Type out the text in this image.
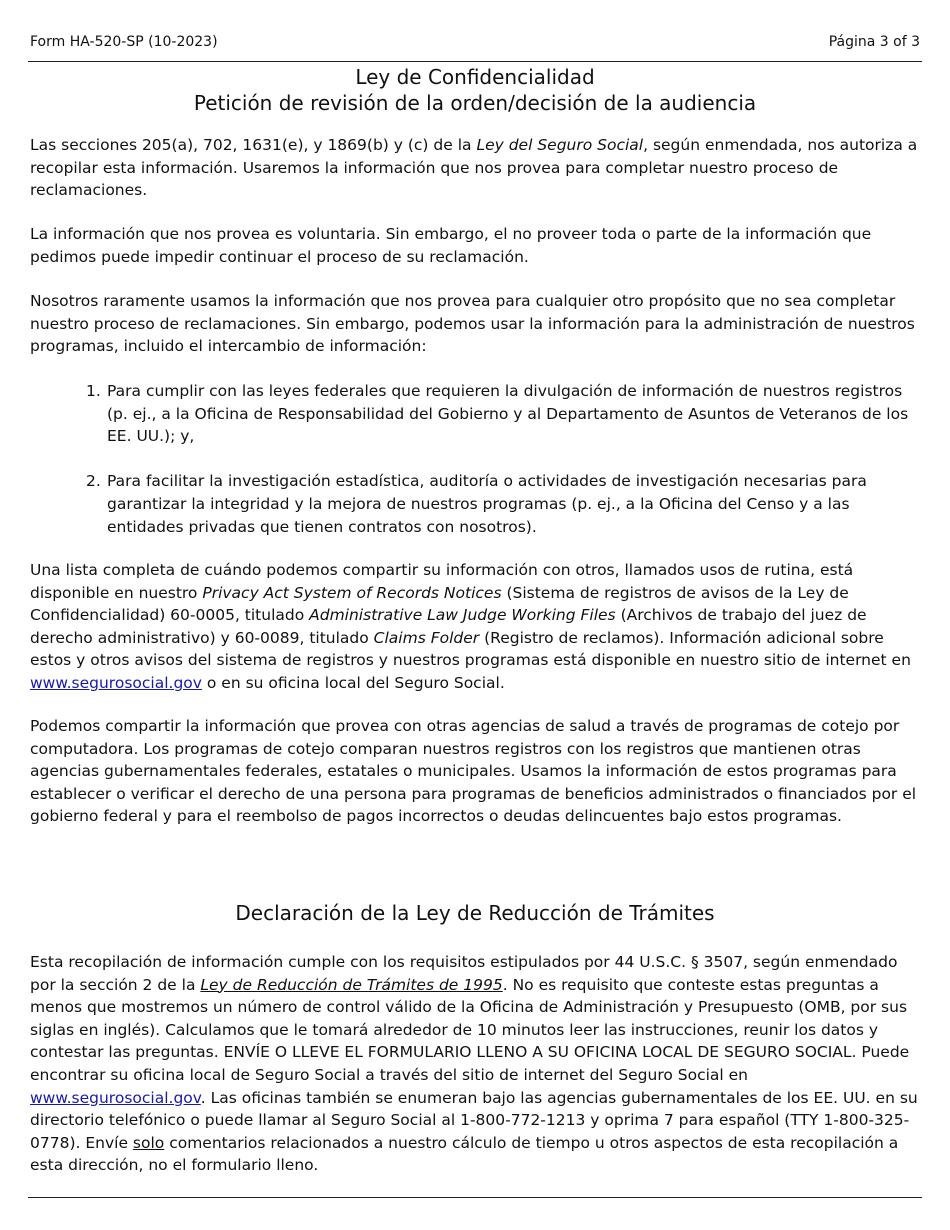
Form HA-520-SP (10-2023)	Página 3 of 3
Ley de Confidencialidad
Petición de revisión de la orden/decisión de la audiencia
Las secciones 205(a), 702, 1631(e), y 1869(b) y (c) de la Ley del Seguro Social, según enmendada, nos autoriza a recopilar esta información. Usaremos la información que nos provea para completar nuestro proceso de reclamaciones.
La información que nos provea es voluntaria. Sin embargo, el no proveer toda o parte de la información que pedimos puede impedir continuar el proceso de su reclamación.
Nosotros raramente usamos la información que nos provea para cualquier otro propósito que no sea completar nuestro proceso de reclamaciones. Sin embargo, podemos usar la información para la administración de nuestros programas, incluido el intercambio de información:
1. Para cumplir con las leyes federales que requieren la divulgación de información de nuestros registros (p. ej., a la Oficina de Responsabilidad del Gobierno y al Departamento de Asuntos de Veteranos de los EE. UU.); y,
2. Para facilitar la investigación estadística, auditoría o actividades de investigación necesarias para garantizar la integridad y la mejora de nuestros programas (p. ej., a la Oficina del Censo y a las entidades privadas que tienen contratos con nosotros).
Una lista completa de cuándo podemos compartir su información con otros, llamados usos de rutina, está disponible en nuestro Privacy Act System of Records Notices (Sistema de registros de avisos de la Ley de Confidencialidad) 60-0005, titulado Administrative Law Judge Working Files (Archivos de trabajo del juez de derecho administrativo) y 60-0089, titulado Claims Folder (Registro de reclamos). Información adicional sobre estos y otros avisos del sistema de registros y nuestros programas está disponible en nuestro sitio de internet en www.segurosocial.gov o en su oficina local del Seguro Social.
Podemos compartir la información que provea con otras agencias de salud a través de programas de cotejo por computadora. Los programas de cotejo comparan nuestros registros con los registros que mantienen otras agencias gubernamentales federales, estatales o municipales. Usamos la información de estos programas para establecer o verificar el derecho de una persona para programas de beneficios administrados o financiados por el gobierno federal y para el reembolso de pagos incorrectos o deudas delincuentes bajo estos programas.
Declaración de la Ley de Reducción de Trámites
Esta recopilación de información cumple con los requisitos estipulados por 44 U.S.C. § 3507, según enmendado por la sección 2 de la Ley de Reducción de Trámites de 1995. No es requisito que conteste estas preguntas a menos que mostremos un número de control válido de la Oficina de Administración y Presupuesto (OMB, por sus siglas en inglés). Calculamos que le tomará alrededor de 10 minutos leer las instrucciones, reunir los datos y contestar las preguntas. ENVÍE O LLEVE EL FORMULARIO LLENO A SU OFICINA LOCAL DE SEGURO SOCIAL. Puede encontrar su oficina local de Seguro Social a través del sitio de internet del Seguro Social en www.segurosocial.gov. Las oficinas también se enumeran bajo las agencias gubernamentales de los EE. UU. en su directorio telefónico o puede llamar al Seguro Social al 1-800-772-1213 y oprima 7 para español (TTY 1-800-325-0778). Envíe solo comentarios relacionados a nuestro cálculo de tiempo u otros aspectos de esta recopilación a esta dirección, no el formulario lleno.
